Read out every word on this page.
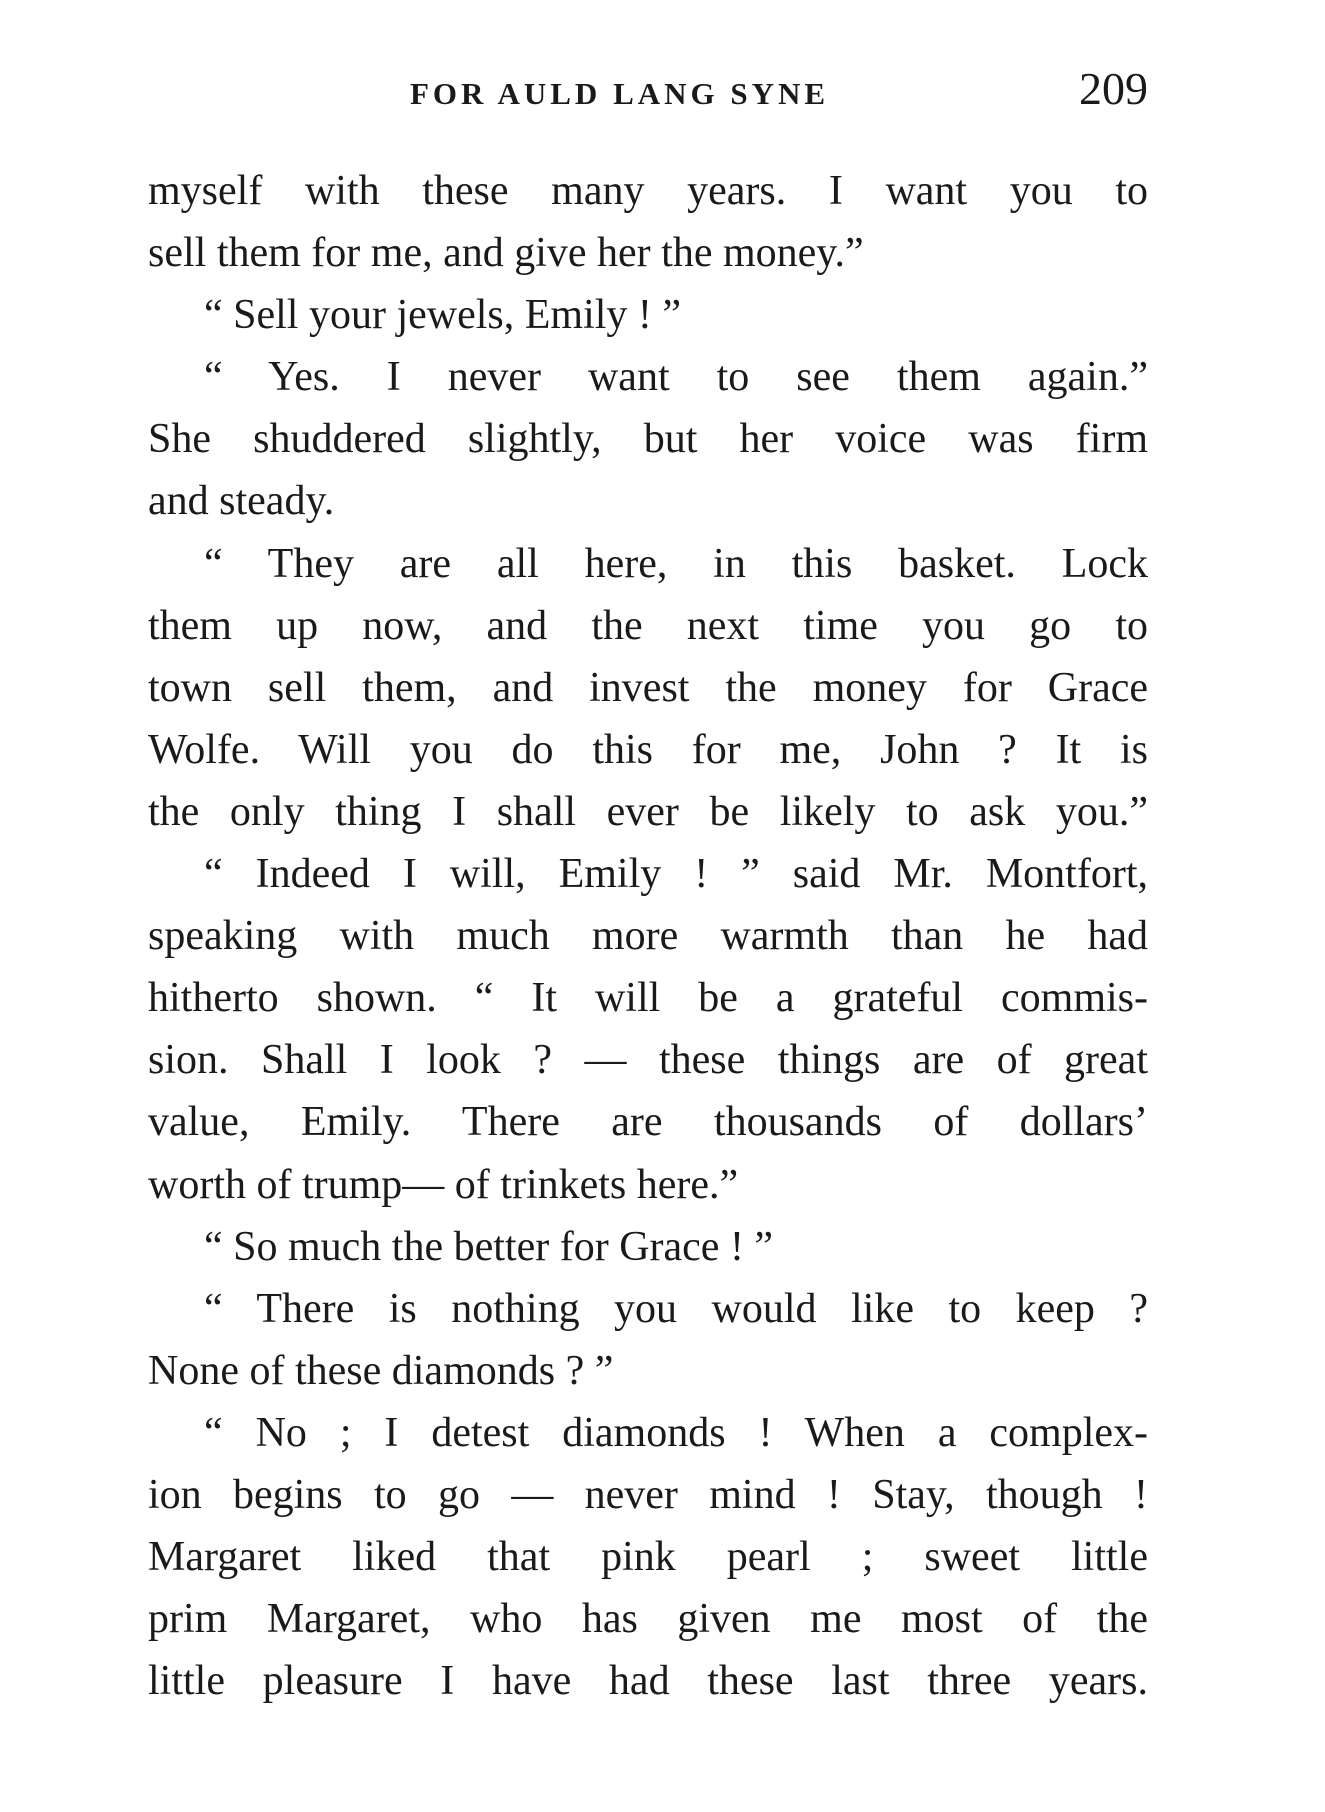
FOR AULD LANG SYNE	209
myself with these many years. I want you to
sell them for me, and give her the money.”
“ Sell your jewels, Emily ! ”
“ Yes. I never want to see them again.”
She shuddered slightly, but her voice was firm
and steady.
“ They are all here, in this basket. Lock
them up now, and the next time you go to
town sell them, and invest the money for Grace
Wolfe. Will you do this for me, John ? It is
the only thing I shall ever be likely to ask you.”
“ Indeed I will, Emily ! ” said Mr. Montfort,
speaking with much more warmth than he had
hitherto shown. “ It will be a grateful commis-
sion. Shall I look ? — these things are of great
value, Emily. There are thousands of dollars’
worth of trump— of trinkets here.”
“ So much the better for Grace ! ”
“ There is nothing you would like to keep ?
None of these diamonds ? ”
“ No ; I detest diamonds ! When a complex-
ion begins to go — never mind ! Stay, though !
Margaret liked that pink pearl ; sweet little
prim Margaret, who has given me most of the
little pleasure I have had these last three years.
